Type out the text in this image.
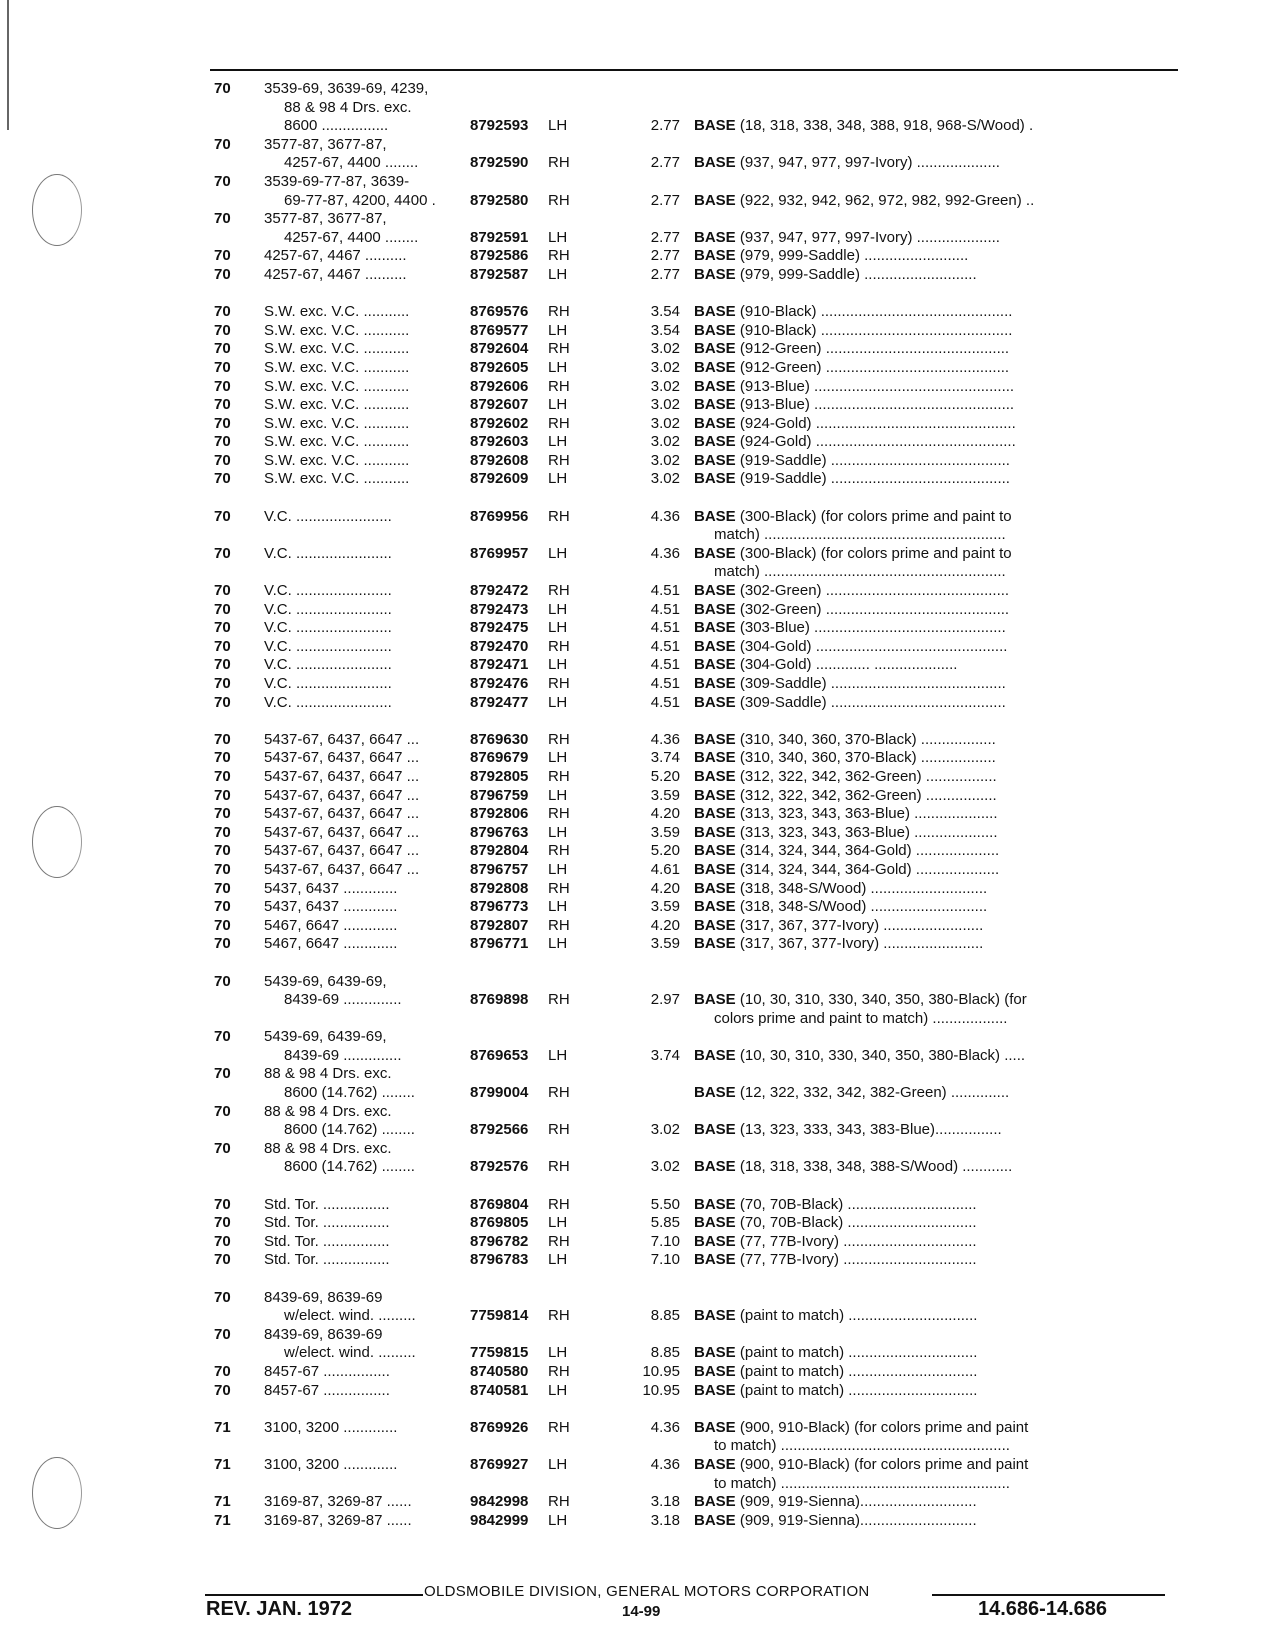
70	3539-69, 3639-69, 4239,
88 & 98 4 Drs. exc.
8600 ................	8792593	LH	2.77 BASE (18, 318, 338, 348, 388, 918, 968-S/Wood) .
70	3577-87, 3677-87,
4257-67, 4400 ........	8792590	RH	2.77 BASE (937, 947, 977, 997-Ivory) ....................
70	3539-69-77-87, 3639-
69-77-87, 4200, 4400 .	8792580	RH	2.77 BASE (922, 932, 942, 962, 972, 982, 992-Green) ..
70	3577-87, 3677-87,
4257-67, 4400 ........	8792591	LH	2.77 BASE (937, 947, 977, 997-Ivory) ....................
70	4257-67, 4467 ..........	8792586	RH	2.77 BASE (979, 999-Saddle) .........................
70	4257-67, 4467 ..........	8792587	LH	2.77 BASE (979, 999-Saddle) ...........................
70	S.W. exc. V.C. ...........	8769576	RH	3.54 BASE (910-Black) ..............................................
70	S.W. exc. V.C. ...........	8769577	LH	3.54 BASE (910-Black) ..............................................
70	S.W. exc. V.C. ...........	8792604	RH	3.02 BASE (912-Green) ............................................
70	S.W. exc. V.C. ...........	8792605	LH	3.02 BASE (912-Green) ............................................
70	S.W. exc. V.C. ...........	8792606	RH	3.02 BASE (913-Blue) ................................................
70	S.W. exc. V.C. ...........	8792607	LH	3.02 BASE (913-Blue) ................................................
70	S.W. exc. V.C. ...........	8792602	RH	3.02 BASE (924-Gold) ................................................
70	S.W. exc. V.C. ...........	8792603	LH	3.02 BASE (924-Gold) ................................................
70	S.W. exc. V.C. ...........	8792608	RH	3.02 BASE (919-Saddle) ...........................................
70	S.W. exc. V.C. ...........	8792609	LH	3.02 BASE (919-Saddle) ...........................................
70	V.C. .......................	8769956	RH	4.36 BASE (300-Black) (for colors prime and paint to
match) ..........................................................
70	V.C. .......................	8769957	LH	4.36 BASE (300-Black) (for colors prime and paint to
match) ..........................................................
70	V.C. .......................	8792472	RH	4.51 BASE (302-Green) ............................................
70	V.C. .......................	8792473	LH	4.51 BASE (302-Green) ............................................
70	V.C. .......................	8792475	LH	4.51 BASE (303-Blue) ..............................................
70	V.C. .......................	8792470	RH	4.51 BASE (304-Gold) ..............................................
70	V.C. .......................	8792471	LH	4.51 BASE (304-Gold) ............. ....................
70	V.C. .......................	8792476	RH	4.51 BASE (309-Saddle) ..........................................
70	V.C. .......................	8792477	LH	4.51 BASE (309-Saddle) ..........................................
70	5437-67, 6437, 6647 ...	8769630	RH	4.36 BASE (310, 340, 360, 370-Black) ..................
70	5437-67, 6437, 6647 ...	8769679	LH	3.74 BASE (310, 340, 360, 370-Black) ..................
70	5437-67, 6437, 6647 ...	8792805	RH	5.20 BASE (312, 322, 342, 362-Green) .................
70	5437-67, 6437, 6647 ...	8796759	LH	3.59 BASE (312, 322, 342, 362-Green) .................
70	5437-67, 6437, 6647 ...	8792806	RH	4.20 BASE (313, 323, 343, 363-Blue) ....................
70	5437-67, 6437, 6647 ...	8796763	LH	3.59 BASE (313, 323, 343, 363-Blue) ....................
70	5437-67, 6437, 6647 ...	8792804	RH	5.20 BASE (314, 324, 344, 364-Gold) ....................
70	5437-67, 6437, 6647 ...	8796757	LH	4.61 BASE (314, 324, 344, 364-Gold) ....................
70	5437, 6437 .............	8792808	RH	4.20 BASE (318, 348-S/Wood) ............................
70	5437, 6437 .............	8796773	LH	3.59 BASE (318, 348-S/Wood) ............................
70	5467, 6647 .............	8792807	RH	4.20 BASE (317, 367, 377-Ivory) ........................
70	5467, 6647 .............	8796771	LH	3.59 BASE (317, 367, 377-Ivory) ........................
70	5439-69, 6439-69,
8439-69 ..............	8769898	RH	2.97 BASE (10, 30, 310, 330, 340, 350, 380-Black) (for
colors prime and paint to match) ..................
70	5439-69, 6439-69,
8439-69 ..............	8769653	LH	3.74 BASE (10, 30, 310, 330, 340, 350, 380-Black) .....
70	88 & 98 4 Drs. exc.
8600 (14.762) ........	8799004	RH	BASE (12, 322, 332, 342, 382-Green) ..............
70	88 & 98 4 Drs. exc.
8600 (14.762) ........	8792566	RH	3.02 BASE (13, 323, 333, 343, 383-Blue)................
70	88 & 98 4 Drs. exc.
8600 (14.762) ........	8792576	RH	3.02 BASE (18, 318, 338, 348, 388-S/Wood) ............
70	Std. Tor. ................	8769804	RH	5.50 BASE (70, 70B-Black) ...............................
70	Std. Tor. ................	8769805	LH	5.85 BASE (70, 70B-Black) ...............................
70	Std. Tor. ................	8796782	RH	7.10 BASE (77, 77B-Ivory) ................................
70	Std. Tor. ................	8796783	LH	7.10 BASE (77, 77B-Ivory) ................................
70	8439-69, 8639-69
w/elect. wind. .........	7759814	RH	8.85 BASE (paint to match) ...............................
70	8439-69, 8639-69
w/elect. wind. .........	7759815	LH	8.85 BASE (paint to match) ...............................
70	8457-67 ................	8740580	RH	10.95 BASE (paint to match) ...............................
70	8457-67 ................	8740581	LH	10.95 BASE (paint to match) ...............................
71	3100, 3200 .............	8769926	RH	4.36 BASE (900, 910-Black) (for colors prime and paint
to match) .......................................................
71	3100, 3200 .............	8769927	LH	4.36 BASE (900, 910-Black) (for colors prime and paint
to match) .......................................................
71	3169-87, 3269-87 ......	9842998	RH	3.18 BASE (909, 919-Sienna)............................
71	3169-87, 3269-87 ......	9842999	LH	3.18 BASE (909, 919-Sienna)............................
OLDSMOBILE DIVISION, GENERAL MOTORS CORPORATION
REV. JAN. 1972	14-99	14.686-14.686
